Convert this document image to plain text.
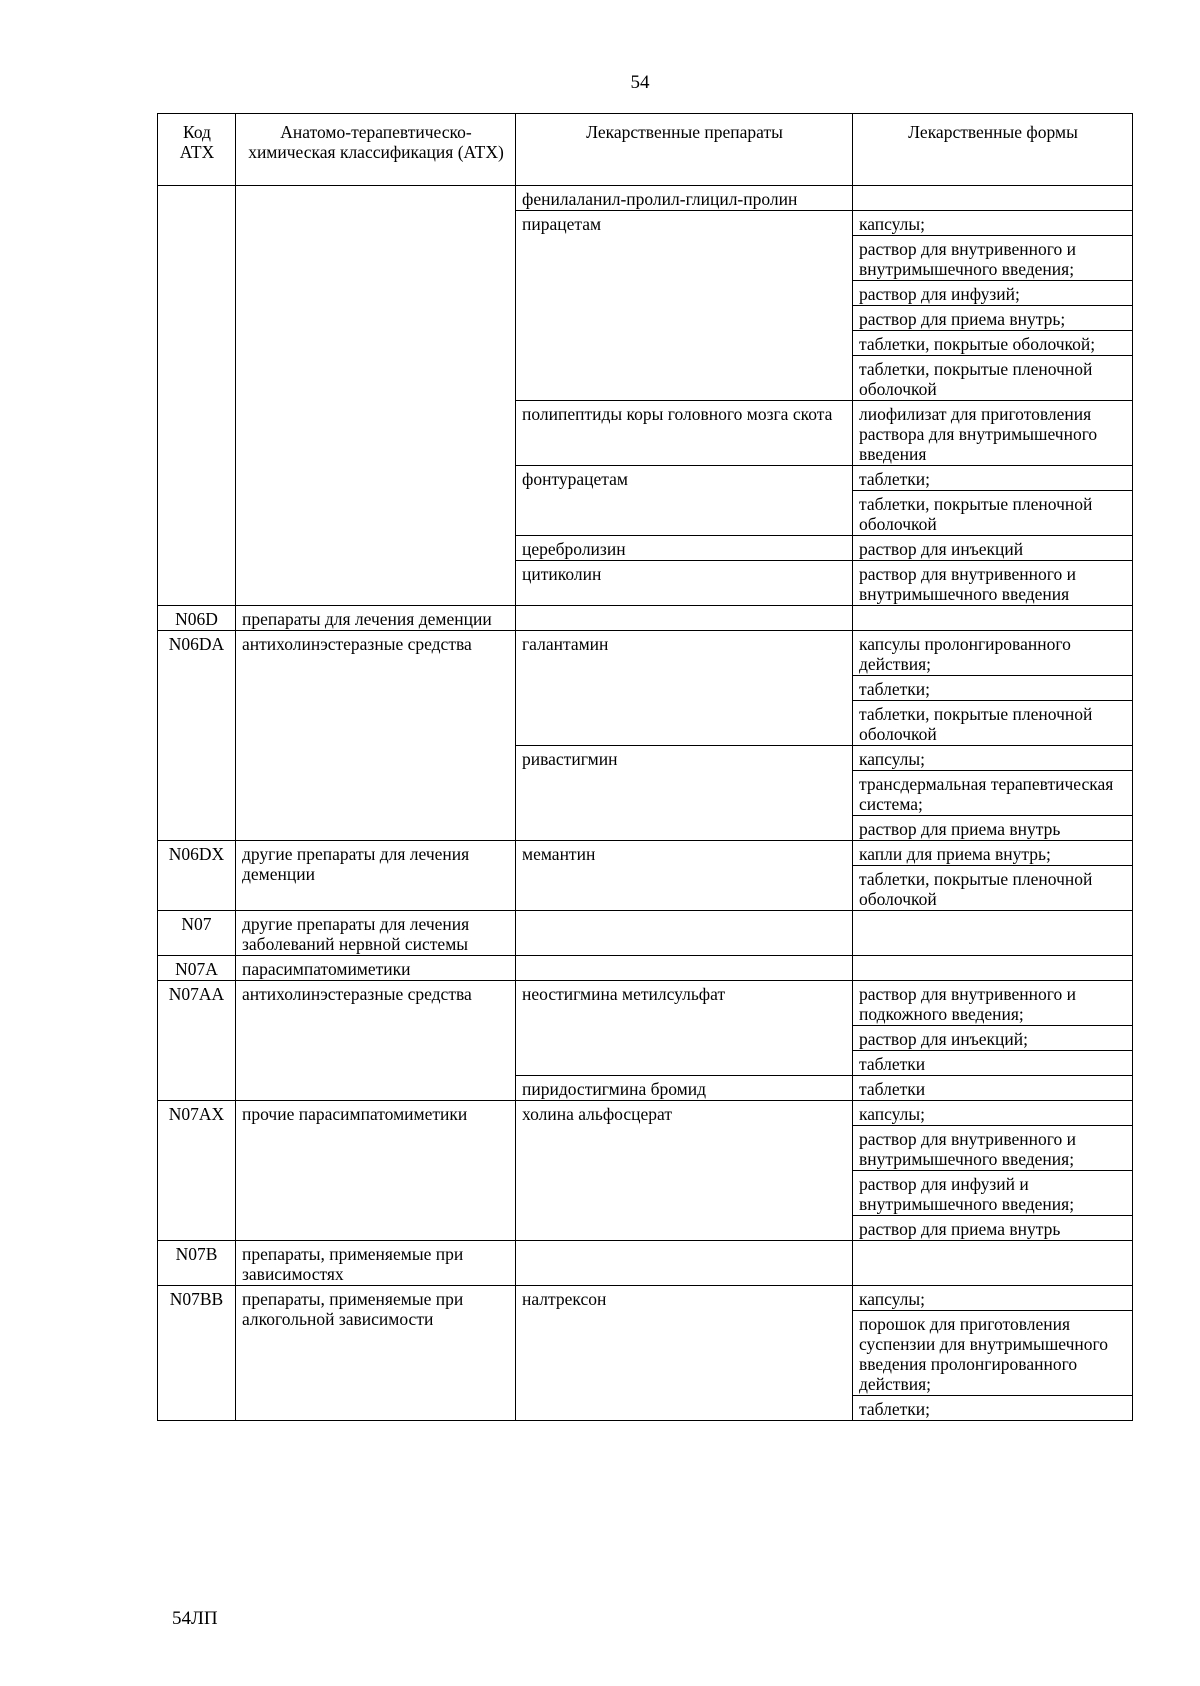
54
Код АТХ	Анатомо-терапевтическо-химическая классификация (АТХ)	Лекарственные препараты	Лекарственные формы
		фенилаланил-пролил-глицил-пролин	
		пирацетам	капсулы;
			раствор для внутривенного и внутримышечного введения;
			раствор для инфузий;
			раствор для приема внутрь;
			таблетки, покрытые оболочкой;
			таблетки, покрытые пленочной оболочкой
		полипептиды коры головного мозга скота	лиофилизат для приготовления раствора для внутримышечного введения
		фонтурацетам	таблетки;
			таблетки, покрытые пленочной оболочкой
		церебролизин	раствор для инъекций
		цитиколин	раствор для внутривенного и внутримышечного введения
N06D	препараты для лечения деменции		
N06DA	антихолинэстеразные средства	галантамин	капсулы пролонгированного действия;
			таблетки;
			таблетки, покрытые пленочной оболочкой
		ривастигмин	капсулы;
			трансдермальная терапевтическая система;
			раствор для приема внутрь
N06DX	другие препараты для лечения деменции	мемантин	капли для приема внутрь;
			таблетки, покрытые пленочной оболочкой
N07	другие препараты для лечения заболеваний нервной системы		
N07A	парасимпатомиметики		
N07AA	антихолинэстеразные средства	неостигмина метилсульфат	раствор для внутривенного и подкожного введения;
			раствор для инъекций;
			таблетки
		пиридостигмина бромид	таблетки
N07AX	прочие парасимпатомиметики	холина альфосцерат	капсулы;
			раствор для внутривенного и внутримышечного введения;
			раствор для инфузий и внутримышечного введения;
			раствор для приема внутрь
N07B	препараты, применяемые при зависимостях		
N07BB	препараты, применяемые при алкогольной зависимости	налтрексон	капсулы;
			порошок для приготовления суспензии для внутримышечного введения пролонгированного действия;
			таблетки;
54ЛП
